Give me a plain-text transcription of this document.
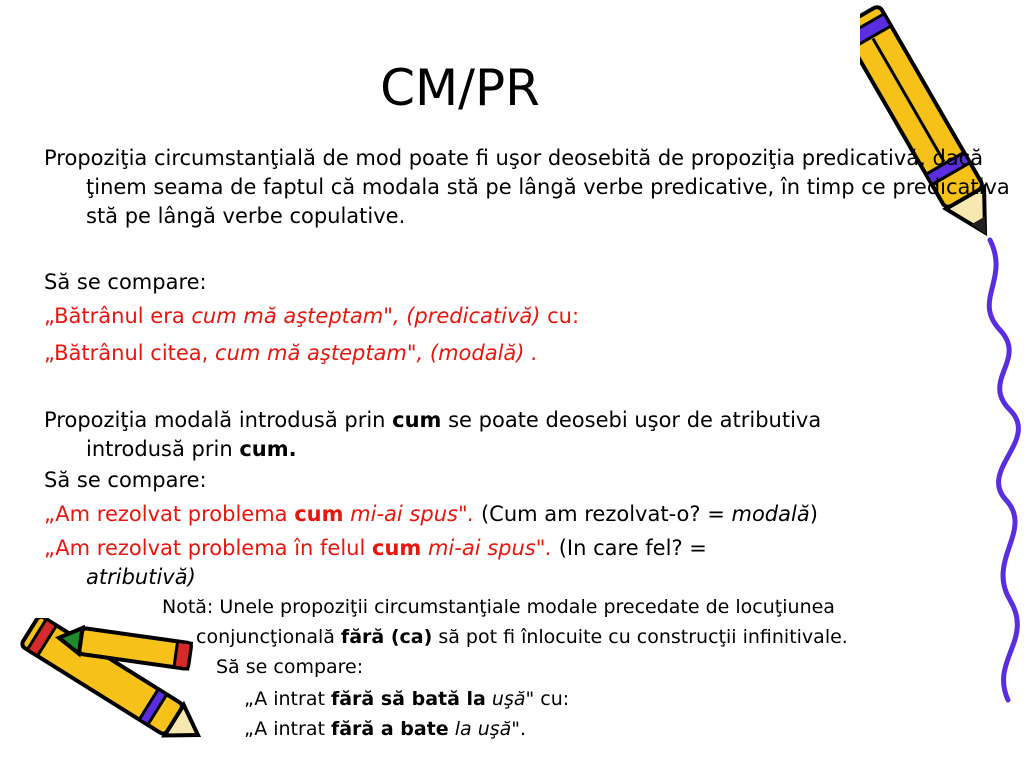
CM/PR

Propoziţia circumstanţială de mod poate fi uşor deosebită de propoziţia predicativă, dacă ţinem seama de faptul că modala stă pe lângă verbe predicative, în timp ce predicativa stă pe lângă verbe copulative.

Să se compare:

„Bătrânul era cum mă aşteptam", (predicativă) cu:

„Bătrânul citea, cum mă aşteptam", (modală) .

Propoziţia modală introdusă prin cum se poate deosebi uşor de atributiva
introdusă prin cum.

Să se compare:

„Am rezolvat problema cum mi-ai spus". (Cum am rezolvat-o? = modală)

„Am rezolvat problema în felul cum mi-ai spus". (In care fel? =
atributivă)

Notă: Unele propoziţii circumstanţiale modale precedate de locuţiunea

conjuncţională fără (ca) să pot fi înlocuite cu construcţii infinitivale.

Să se compare:

„A intrat fără să bată la uşă" cu:

„A intrat fără a bate la uşă".
